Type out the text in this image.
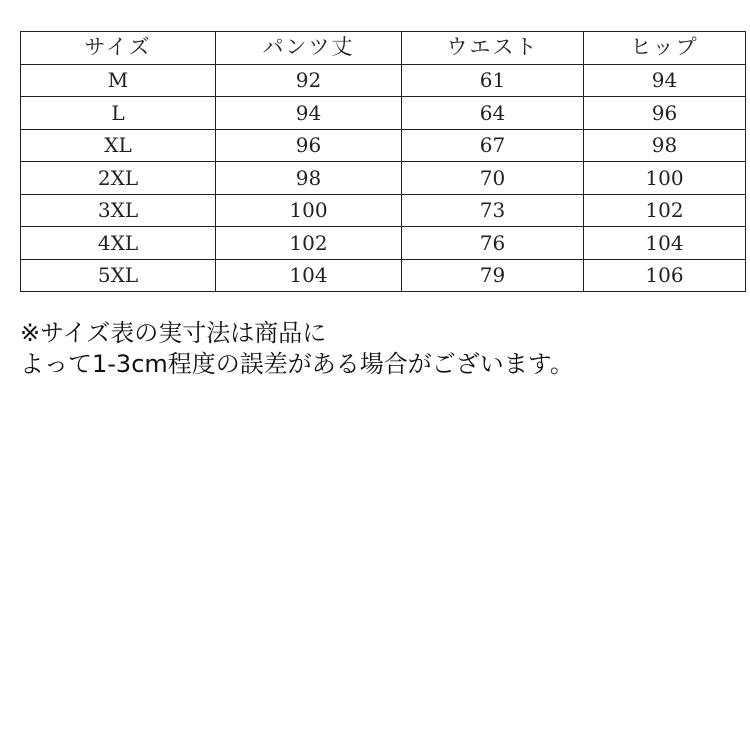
サイズ	パンツ丈	ウエスト	ヒップ
M	92	61	94
L	94	64	96
XL	96	67	98
2XL	98	70	100
3XL	100	73	102
4XL	102	76	104
5XL	104	79	106

※サイズ表の実寸法は商品に
よって1-3cm程度の誤差がある場合がございます。
